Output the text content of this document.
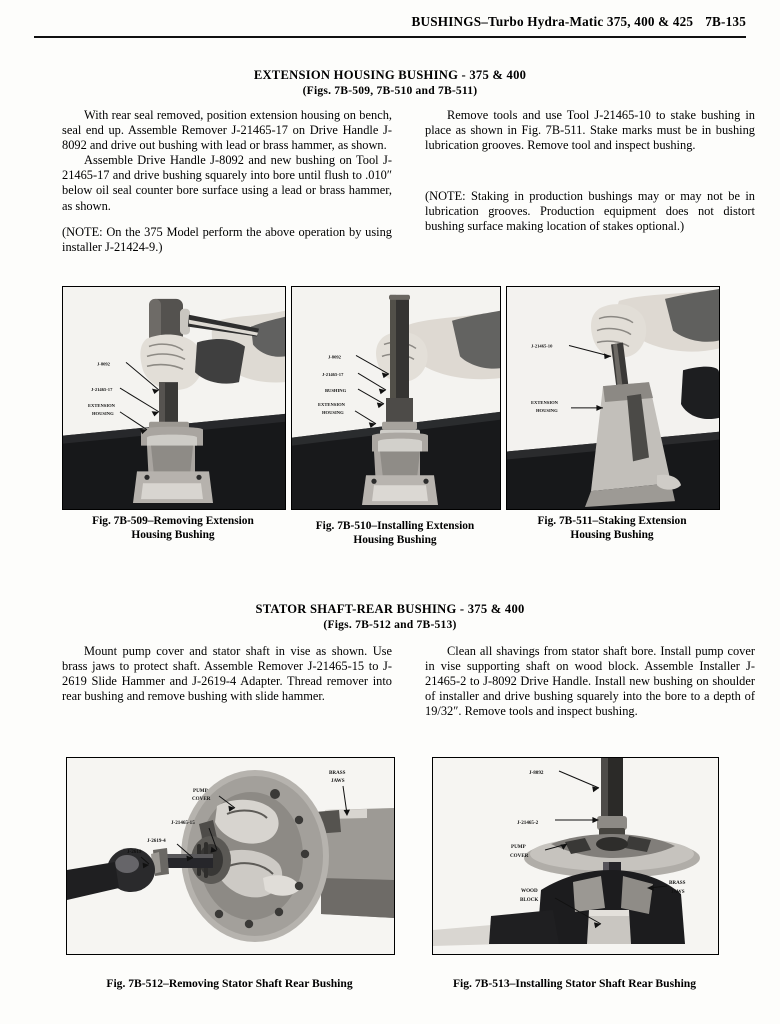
BUSHINGS–Turbo Hydra-Matic 375, 400 & 425 7B-135
EXTENSION HOUSING BUSHING - 375 & 400
(Figs. 7B-509, 7B-510 and 7B-511)

With rear seal removed, position extension housing on bench, seal end up. Assemble Remover J-21465-17 on Drive Handle J-8092 and drive out bushing with lead or brass hammer, as shown.

Assemble Drive Handle J-8092 and new bushing on Tool J-21465-17 and drive bushing squarely into bore until flush to .010″ below oil seal counter bore surface using a lead or brass hammer, as shown.

(NOTE: On the 375 Model perform the above operation by using installer J-21424-9.)

Remove tools and use Tool J-21465-10 to stake bushing in place as shown in Fig. 7B-511. Stake marks must be in bushing lubrication grooves. Remove tool and inspect bushing.

(NOTE: Staking in production bushings may or may not be in lubrication grooves. Production equipment does not distort bushing surface making location of stakes optional.)

J-8092
J-21465-17
EXTENSION
HOUSING
J-8092
J-21465-17
BUSHING
EXTENSION
HOUSING
J-21465-10
EXTENSION
HOUSING
Fig. 7B-509–Removing Extension
Housing Bushing
Fig. 7B-510–Installing Extension
Housing Bushing
Fig. 7B-511–Staking Extension
Housing Bushing
STATOR SHAFT-REAR BUSHING - 375 & 400
(Figs. 7B-512 and 7B-513)

Mount pump cover and stator shaft in vise as shown. Use brass jaws to protect shaft. Assemble Remover J-21465-15 to J-2619 Slide Hammer and J-2619-4 Adapter. Thread remover into rear bushing and remove bushing with slide hammer.

Clean all shavings from stator shaft bore. Install pump cover in vise supporting shaft on wood block. Assemble Installer J-21465-2 to J-8092 Drive Handle. Install new bushing on shoulder of installer and drive bushing squarely into the bore to a depth of 19/32″. Remove tools and inspect bushing.

BRASS
JAWS
PUMP
COVER
J-21465-15
J-2619-4
J-2619
J-8092
J-21465-2
PUMP
COVER
BRASS
JAWS
WOOD
BLOCK
Fig. 7B-512–Removing Stator Shaft Rear Bushing	Fig. 7B-513–Installing Stator Shaft Rear Bushing
